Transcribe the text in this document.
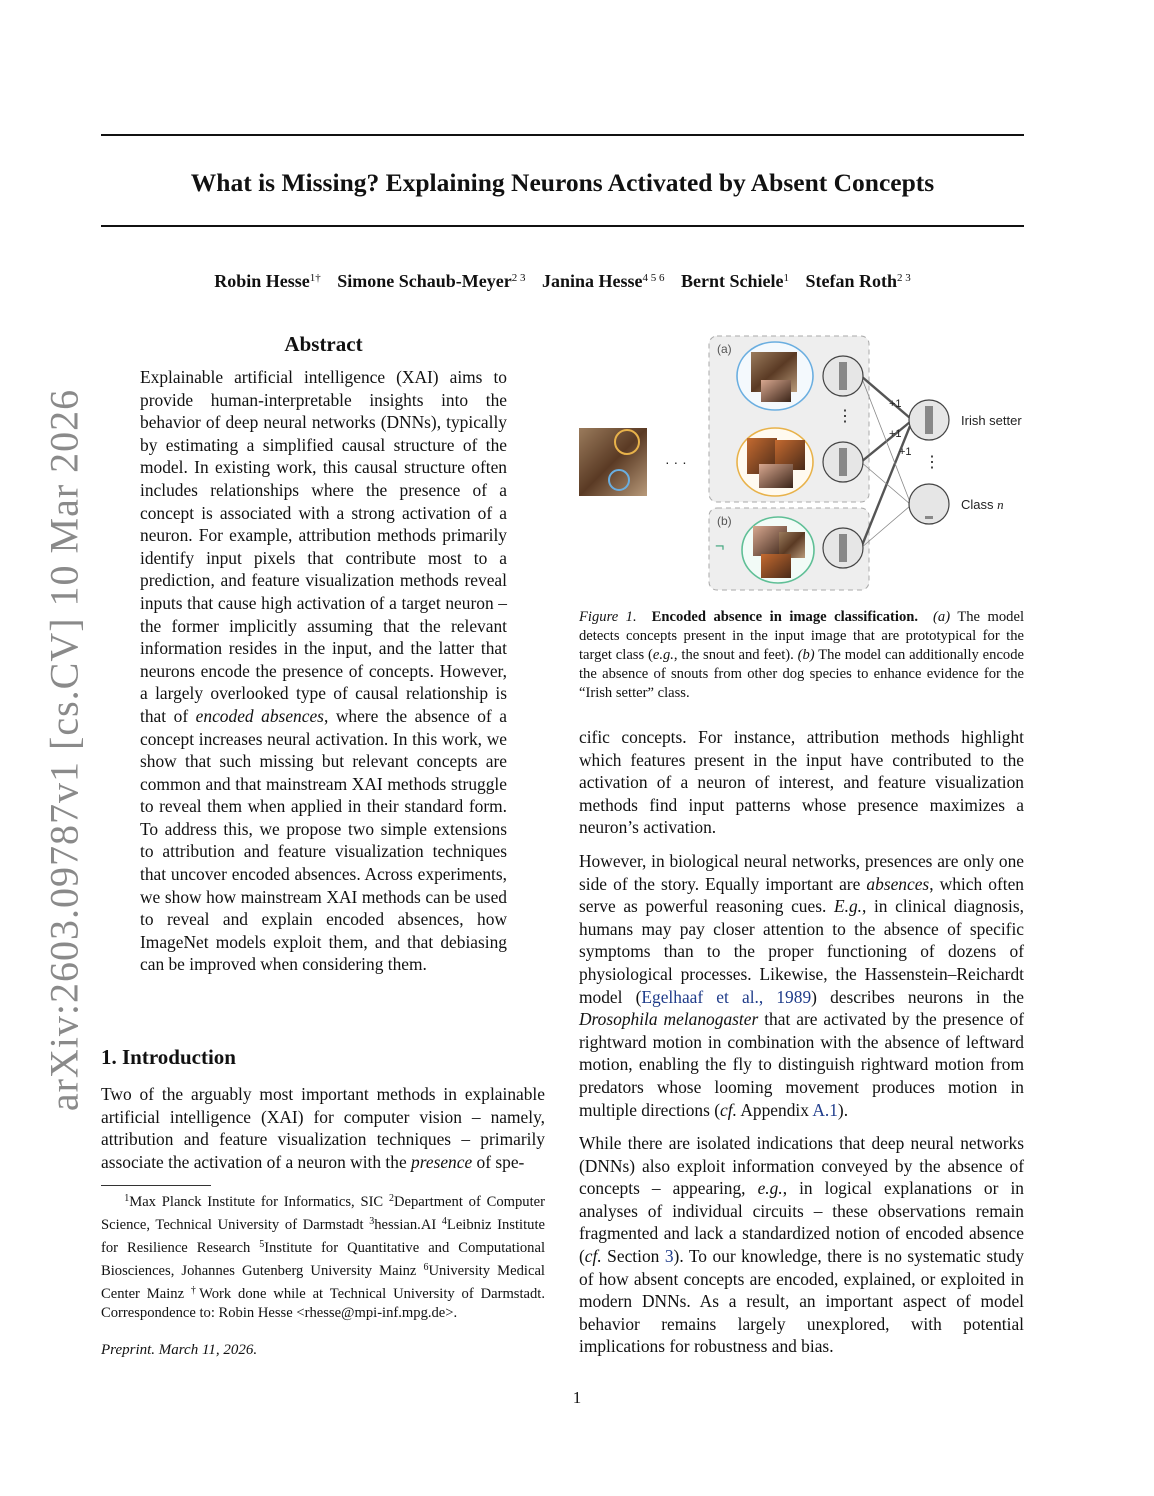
arXiv:2603.09787v1 [cs.CV] 10 Mar 2026
What is Missing? Explaining Neurons Activated by Absent Concepts
Robin Hesse$^{1\dagger}$ Simone Schaub-Meyer$^{2 3}$ Janina Hesse$^{4 5 6}$ Bernt Schiele$^1$ Stefan Roth$^{2 3}$
Abstract
Explainable artificial intelligence (XAI) aims to provide human-interpretable insights into the behavior of deep neural networks (DNNs), typically by estimating a simplified causal structure of the model. In existing work, this causal structure often includes relationships where the presence of a concept is associated with a strong activation of a neuron. For example, attribution methods primarily identify input pixels that contribute most to a prediction, and feature visualization methods reveal inputs that cause high activation of a target neuron – the former implicitly assuming that the relevant information resides in the input, and the latter that neurons encode the presence of concepts. However, a largely overlooked type of causal relationship is that of encoded absences, where the absence of a concept increases neural activation. In this work, we show that such missing but relevant concepts are common and that mainstream XAI methods struggle to reveal them when applied in their standard form. To address this, we propose two simple extensions to attribution and feature visualization techniques that uncover encoded absences. Across experiments, we show how mainstream XAI methods can be used to reveal and explain encoded absences, how ImageNet models exploit them, and that debiasing can be improved when considering them.
1. Introduction
Two of the arguably most important methods in explainable artificial intelligence (XAI) for computer vision – namely, attribution and feature visualization techniques – primarily associate the activation of a neuron with the presence of spe-
$^1$Max Planck Institute for Informatics, SIC $^2$Department of Computer Science, Technical University of Darmstadt $^3$hessian.AI $^4$Leibniz Institute for Resilience Research $^5$Institute for Quantitative and Computational Biosciences, Johannes Gutenberg University Mainz $^6$University Medical Center Mainz †Work done while at Technical University of Darmstadt. Correspondence to: Robin Hesse <rhesse@mpi-inf.mpg.de>.
Preprint. March 11, 2026.
(a)
(b)
· · ·
⋮
⋮
+1
+1
+1
¬
Irish setter
Class n
Figure 1. Encoded absence in image classification. (a) The model detects concepts present in the input image that are prototypical for the target class (e.g., the snout and feet). (b) The model can additionally encode the absence of snouts from other dog species to enhance evidence for the “Irish setter” class.

cific concepts. For instance, attribution methods highlight which features present in the input have contributed to the activation of a neuron of interest, and feature visualization methods find input patterns whose presence maximizes a neuron’s activation.

However, in biological neural networks, presences are only one side of the story. Equally important are absences, which often serve as powerful reasoning cues. E.g., in clinical diagnosis, humans may pay closer attention to the absence of specific symptoms than to the proper functioning of dozens of physiological processes. Likewise, the Hassenstein–Reichardt model (Egelhaaf et al., 1989) describes neurons in the Drosophila melanogaster that are activated by the presence of rightward motion in combination with the absence of leftward motion, enabling the fly to distinguish rightward motion from predators whose looming movement produces motion in multiple directions (cf. Appendix A.1).

While there are isolated indications that deep neural networks (DNNs) also exploit information conveyed by the absence of concepts – appearing, e.g., in logical explanations or in analyses of individual circuits – these observations remain fragmented and lack a standardized notion of encoded absence (cf. Section 3). To our knowledge, there is no systematic study of how absent concepts are encoded, explained, or exploited in modern DNNs. As a result, an important aspect of model behavior remains largely unexplored, with potential implications for robustness and bias.

1
